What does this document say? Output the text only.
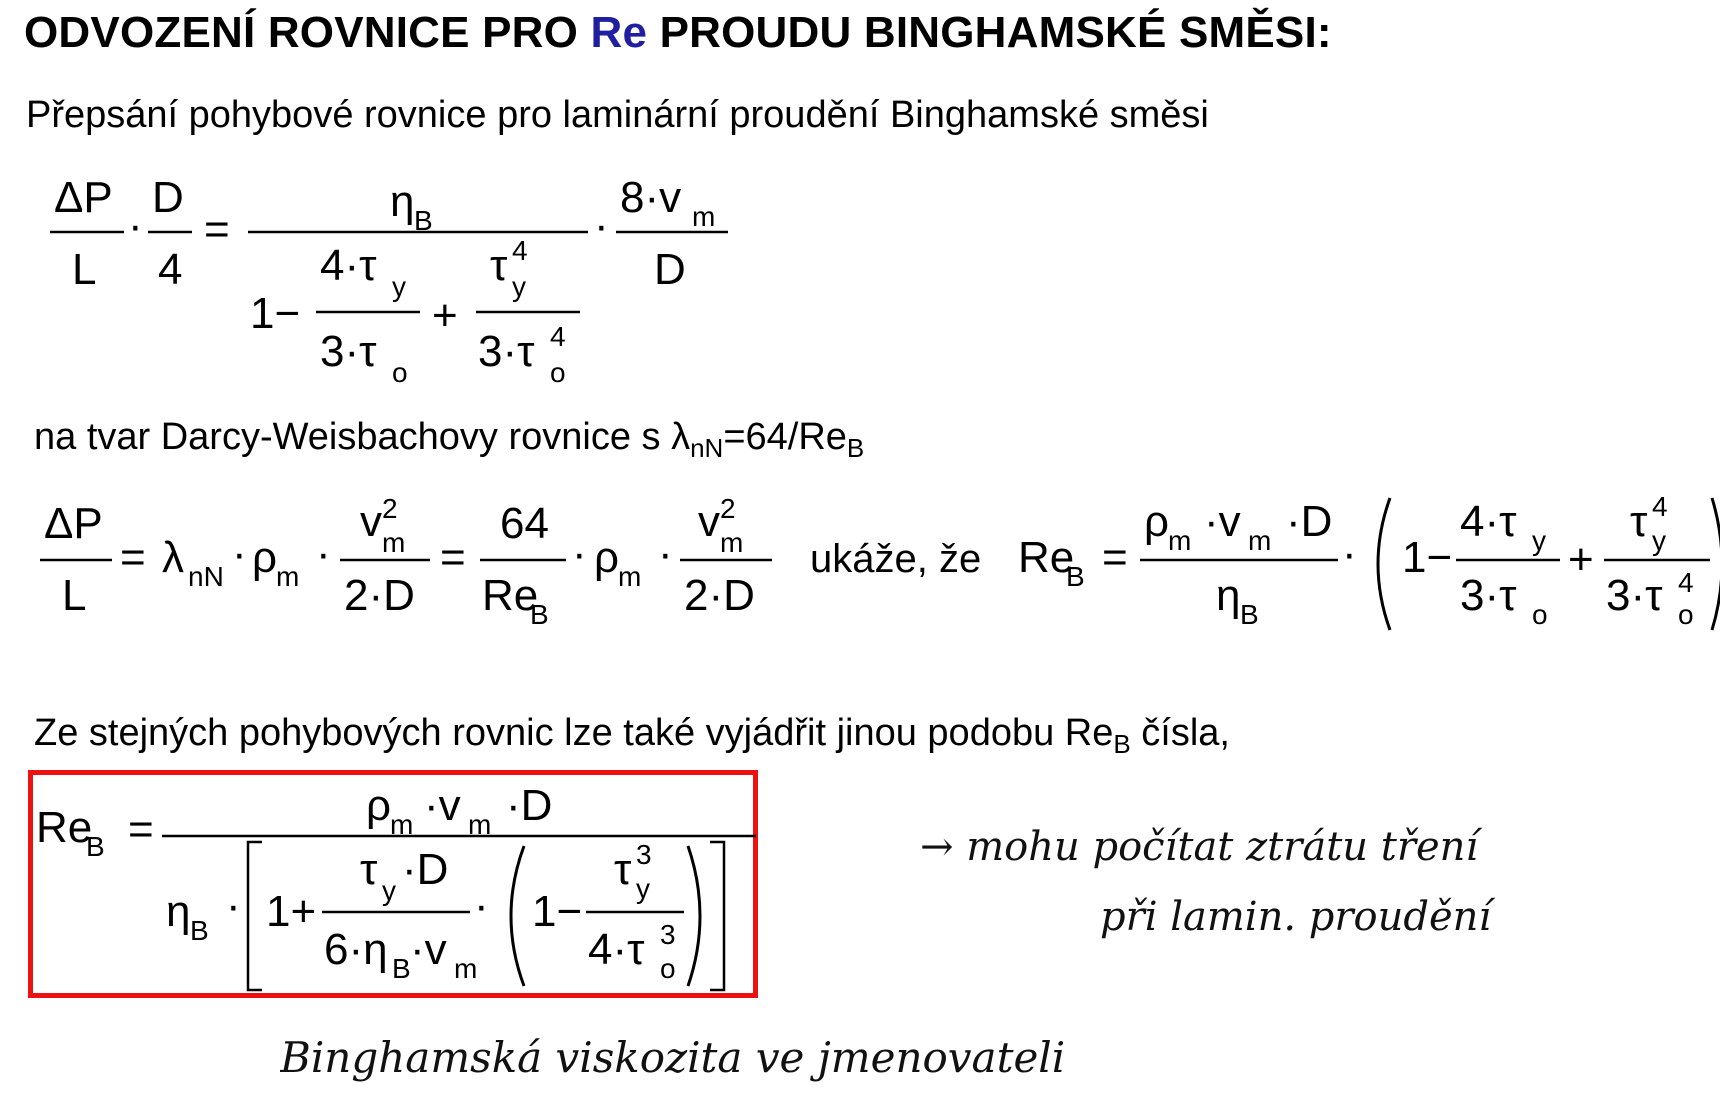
ODVOZENÍ ROVNICE PRO Re PROUDU BINGHAMSKÉ SMĚSI:
Přepsání pohybové rovnice pro laminární proudění Binghamské směsi
ΔP
L
·
D
4
=
η B
1−
4·τ y
3·τ o
+
τ 4
y
3·τ 4
o
·
8·v m
D
na tvar Darcy-Weisbachovy rovnice s $\lambda_{nN}=64/Re_B$
ΔP
L
= λ nN · ρ
m ·
v 2
m
2·D
=
64
Re
B
· ρ
m ·
v 2
m
2·D
ukáže, že Re
B =
ρ
m ·v m ·D
η B
· 1−
4·τ y
3·τ o
+
τ 4
y
3·τ 4
o
Ze stejných pohybových rovnic lze také vyjádřit jinou podobu $Re_B$ čísla,
Re
B =	ρ
m ·v m ·D
η B
· 1+
τ y ·D
6·η B ·v m
· 1−
τ 3
y
4·τ 3
o
→ mohu počítat ztrátu tření
při lamin. proudění
Binghamská viskozita ve jmenovateli
